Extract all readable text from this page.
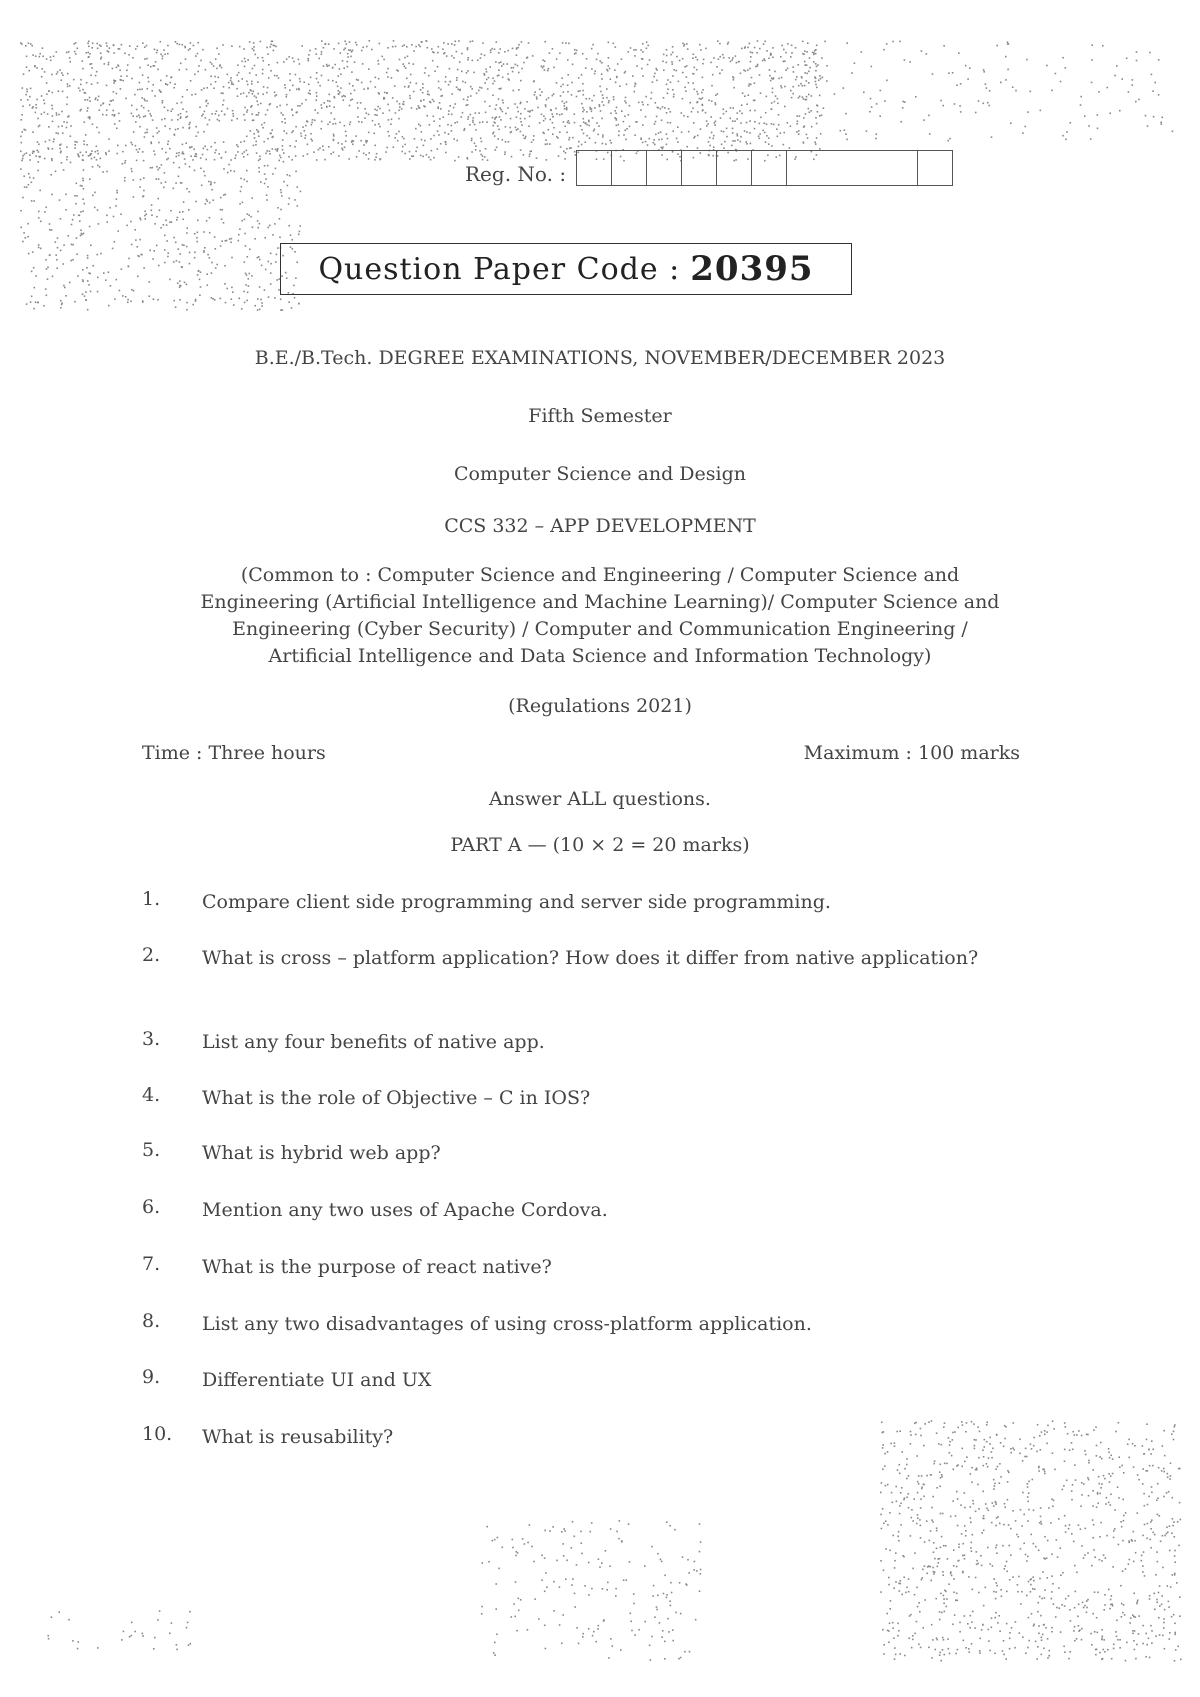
Reg. No. :
Question Paper Code : 20395
B.E./B.Tech. DEGREE EXAMINATIONS, NOVEMBER/DECEMBER 2023
Fifth Semester
Computer Science and Design
CCS 332 – APP DEVELOPMENT
(Common to : Computer Science and Engineering / Computer Science and
Engineering (Artificial Intelligence and Machine Learning)/ Computer Science and
Engineering (Cyber Security) / Computer and Communication Engineering /
Artificial Intelligence and Data Science and Information Technology)
(Regulations 2021)
Time : Three hours	Maximum : 100 marks
Answer ALL questions.
PART A — (10 × 2 = 20 marks)
1.	Compare client side programming and server side programming.
2.	What is cross – platform application? How does it differ from native application?
3.	List any four benefits of native app.
4.	What is the role of Objective – C in IOS?
5.	What is hybrid web app?
6.	Mention any two uses of Apache Cordova.
7.	What is the purpose of react native?
8.	List any two disadvantages of using cross-platform application.
9.	Differentiate UI and UX
10.	What is reusability?
